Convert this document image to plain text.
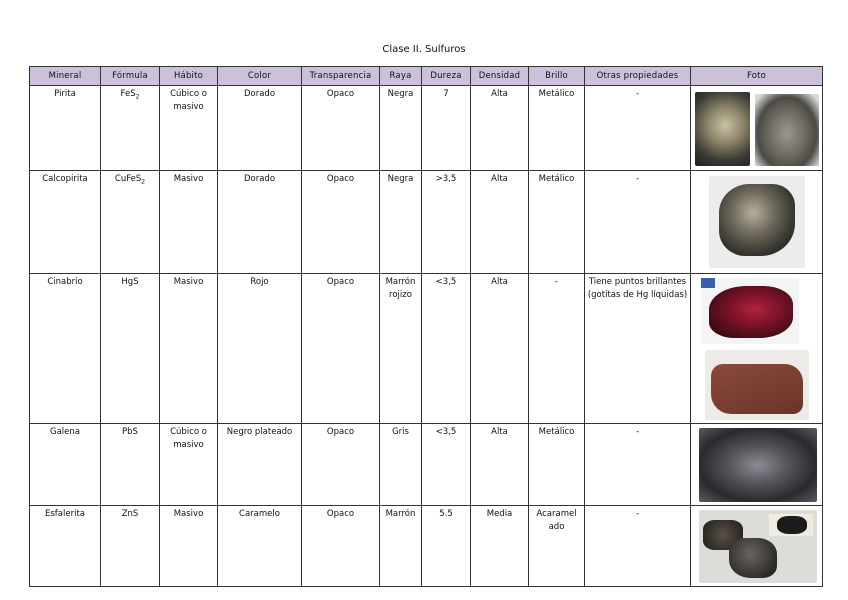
Clase II. Sulfuros
Mineral	Fórmula	Hábito	Color	Transparencia	Raya	Dureza	Densidad	Brillo	Otras propiedades	Foto
Pirita	FeS$_2$	Cúbico o masivo	Dorado	Opaco	Negra	7	Alta	Metálico	-	

Calcopirita	CuFeS$_2$	Masivo	Dorado	Opaco	Negra	>3,5	Alta	Metálico	-	

Cinabrio	HgS	Masivo	Rojo	Opaco	Marrón rojizo	<3,5	Alta	-	Tiene puntos brillantes (gotitas de Hg líquidas)	

Galena	PbS	Cúbico o masivo	Negro plateado	Opaco	Gris	<3,5	Alta	Metálico	-	

Esfalerita	ZnS	Masivo	Caramelo	Opaco	Marrón	5.5	Media	Acaramelado	-	
